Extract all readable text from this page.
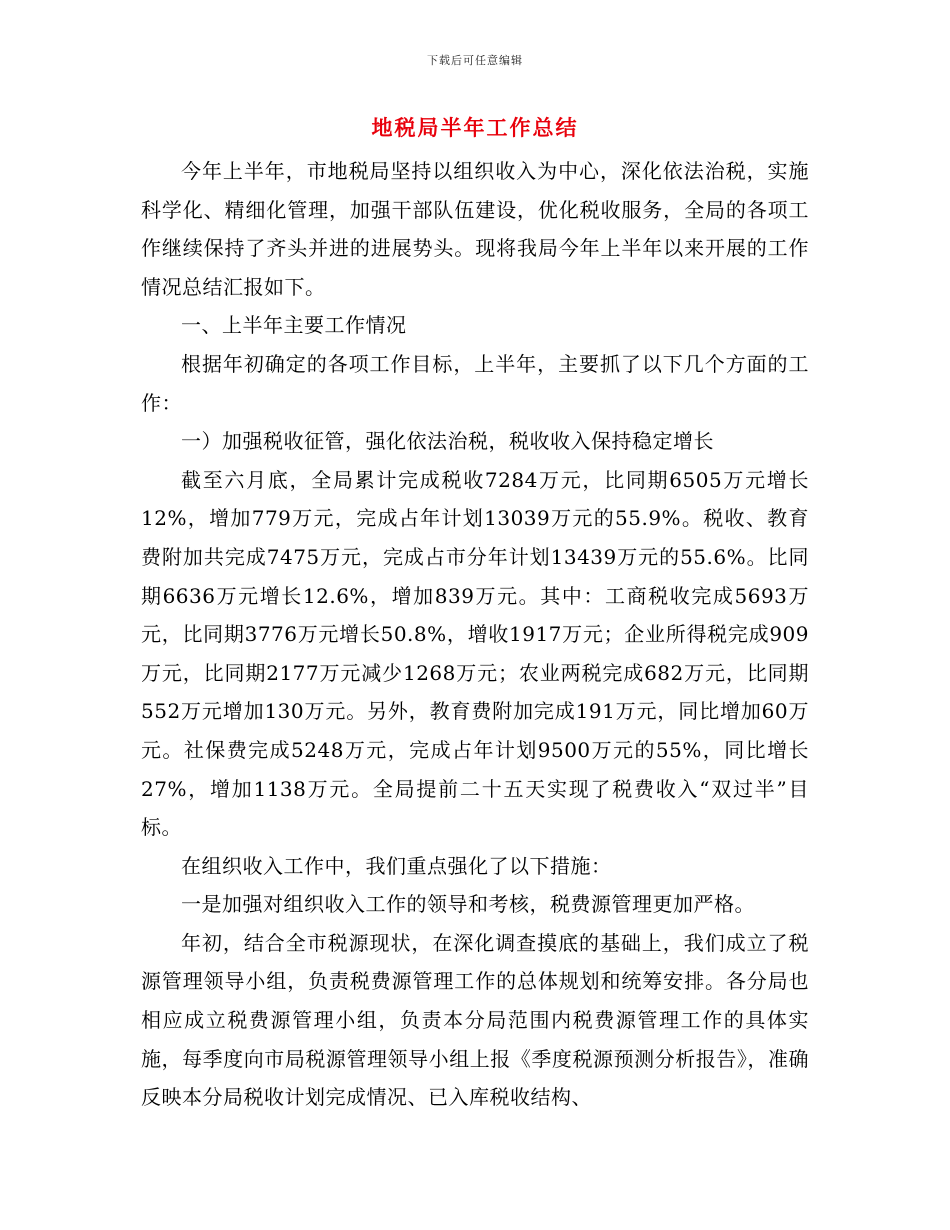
下载后可任意编辑
地税局半年工作总结

今年上半年，市地税局坚持以组织收入为中心，深化依法治税，实施科学化、精细化管理，加强干部队伍建设，优化税收服务，全局的各项工作继续保持了齐头并进的进展势头。现将我局今年上半年以来开展的工作情况总结汇报如下。

一、上半年主要工作情况

根据年初确定的各项工作目标，上半年，主要抓了以下几个方面的工作：

一）加强税收征管，强化依法治税，税收收入保持稳定增长

截至六月底，全局累计完成税收7284万元，比同期6505万元增长12%，增加779万元，完成占年计划13039万元的55.9%。税收、教育费附加共完成7475万元，完成占市分年计划13439万元的55.6%。比同期6636万元增长12.6%，增加839万元。其中：工商税收完成5693万元，比同期3776万元增长50.8%，增收1917万元；企业所得税完成909万元，比同期2177万元减少1268万元；农业两税完成682万元，比同期552万元增加130万元。另外，教育费附加完成191万元，同比增加60万元。社保费完成5248万元，完成占年计划9500万元的55%，同比增长27%，增加1138万元。全局提前二十五天实现了税费收入“双过半”目标。

在组织收入工作中，我们重点强化了以下措施：

一是加强对组织收入工作的领导和考核，税费源管理更加严格。

年初，结合全市税源现状，在深化调查摸底的基础上，我们成立了税源管理领导小组，负责税费源管理工作的总体规划和统筹安排。各分局也相应成立税费源管理小组，负责本分局范围内税费源管理工作的具体实施，每季度向市局税源管理领导小组上报《季度税源预测分析报告》，准确反映本分局税收计划完成情况、已入库税收结构、
